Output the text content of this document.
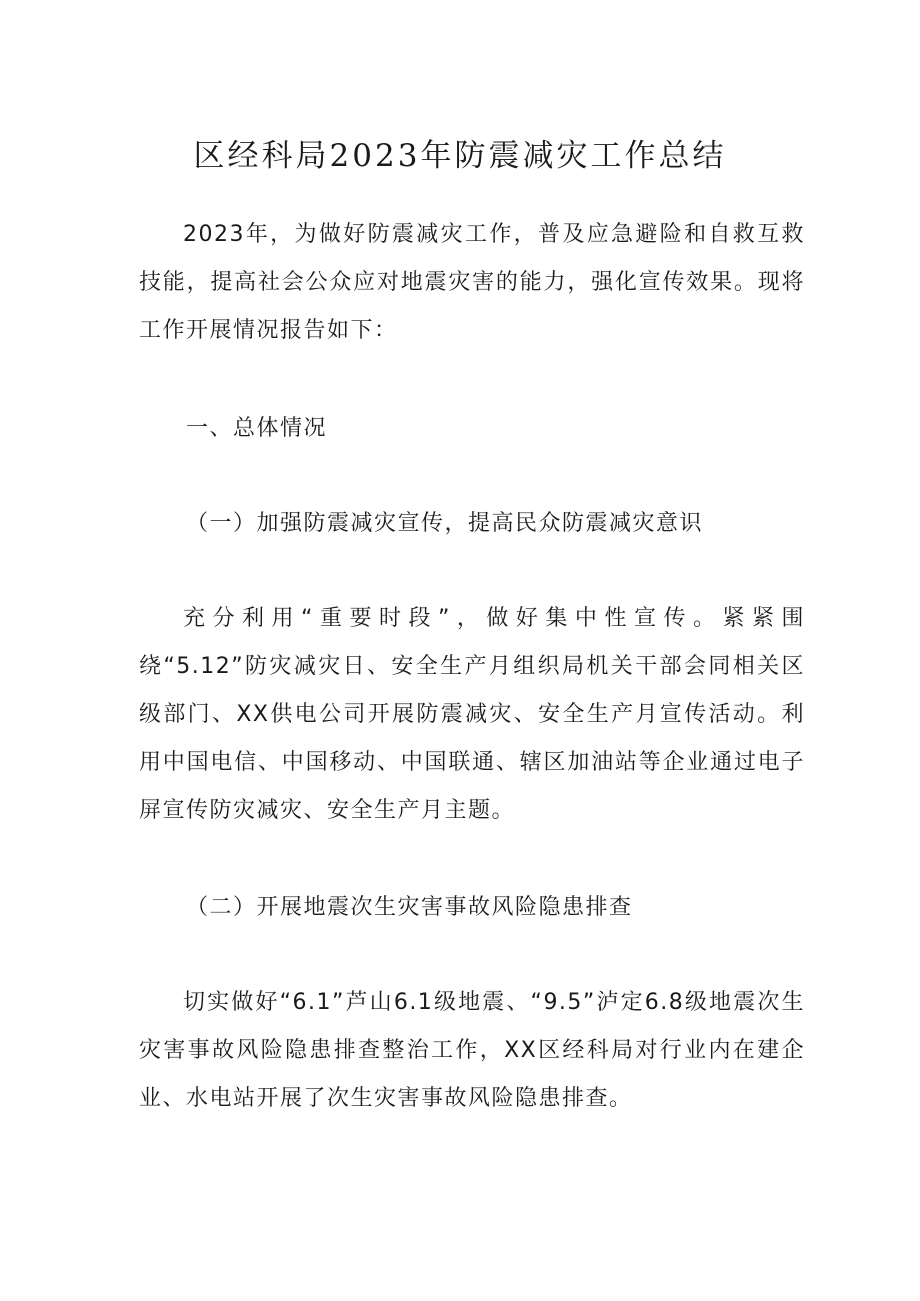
区经科局2023年防震减灾工作总结

2023年，为做好防震减灾工作，普及应急避险和自救互救技能，提高社会公众应对地震灾害的能力，强化宣传效果。现将工作开展情况报告如下：

一、总体情况

（一）加强防震减灾宣传，提高民众防震减灾意识

充分利用“重要时段”，做好集中性宣传。紧紧围绕“5.12”防灾减灾日、安全生产月组织局机关干部会同相关区级部门、XX供电公司开展防震减灾、安全生产月宣传活动。利用中国电信、中国移动、中国联通、辖区加油站等企业通过电子屏宣传防灾减灾、安全生产月主题。

（二）开展地震次生灾害事故风险隐患排查

切实做好“6.1”芦山6.1级地震、“9.5”泸定6.8级地震次生灾害事故风险隐患排查整治工作，XX区经科局对行业内在建企业、水电站开展了次生灾害事故风险隐患排查。
